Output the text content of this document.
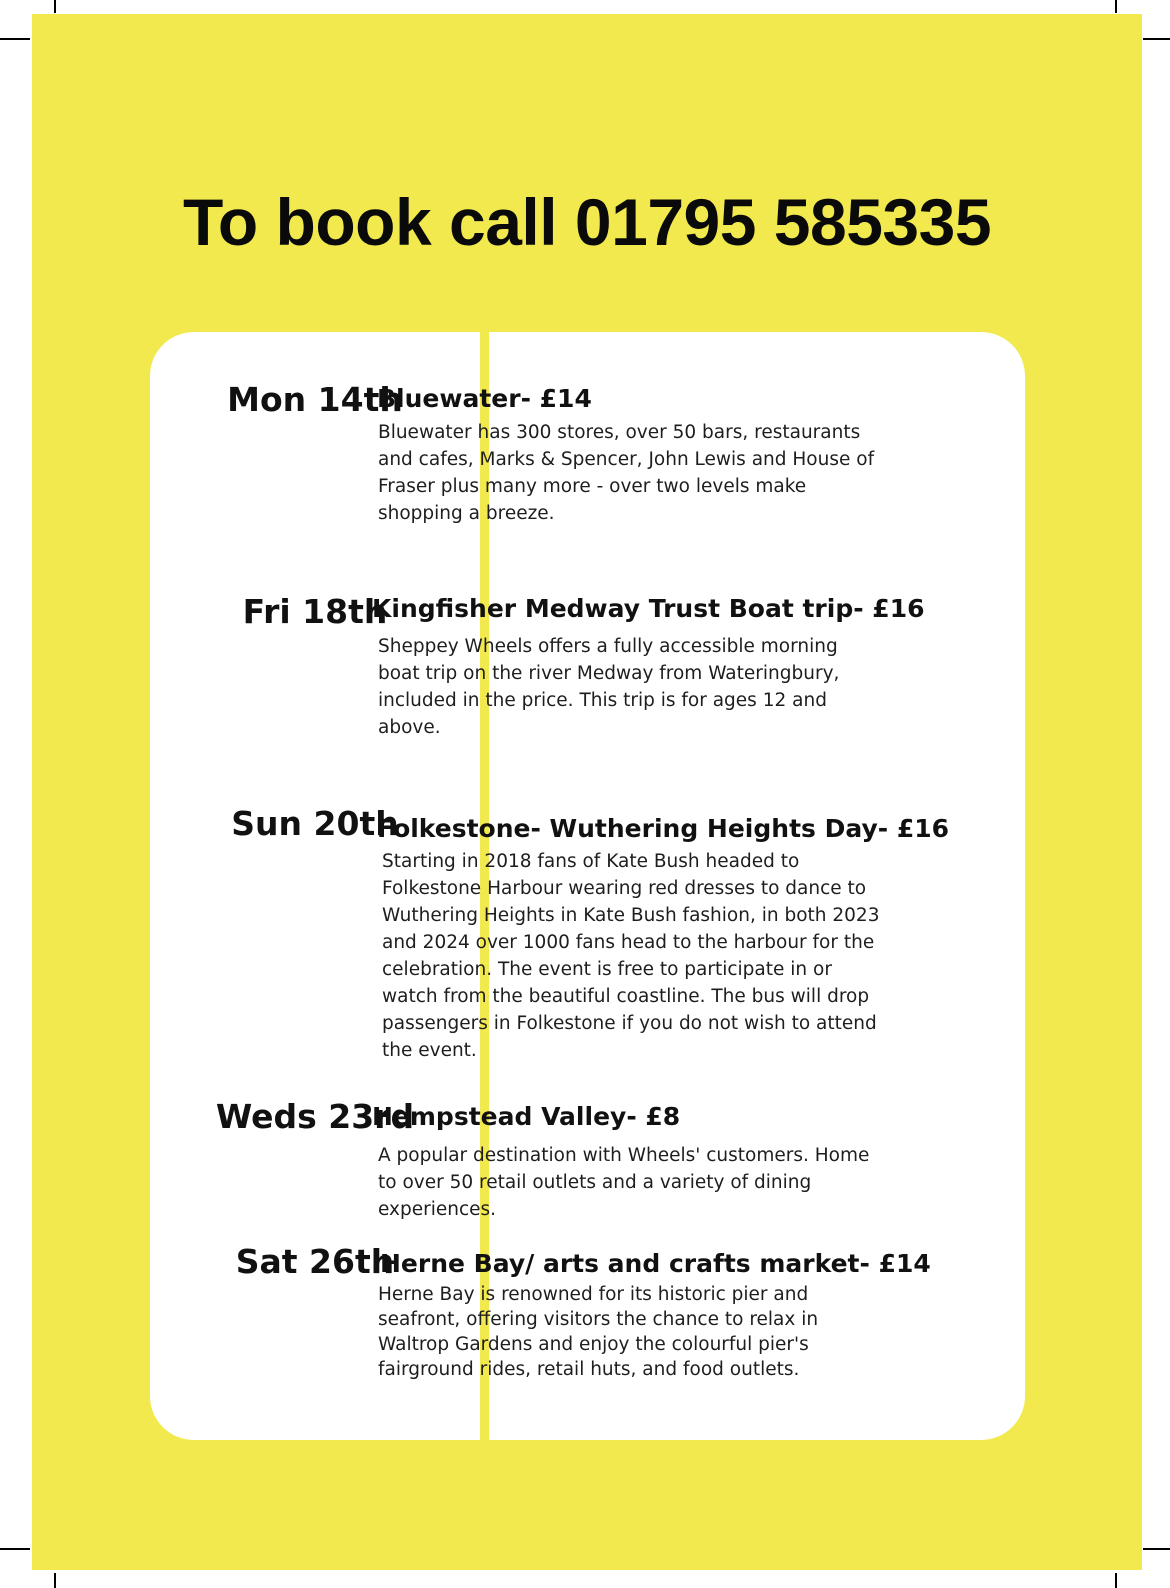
To book call 01795 585335
Mon 14th
Bluewater- £14

Bluewater has 300 stores, over 50 bars, restaurants and cafes, Marks & Spencer, John Lewis and House of Fraser plus many more - over two levels make shopping a breeze.

Fri 18th
Kingfisher Medway Trust Boat trip- £16

Sheppey Wheels offers a fully accessible morning boat trip on the river Medway from Wateringbury, included in the price. This trip is for ages 12 and above.

Sun 20th
Folkestone- Wuthering Heights Day- £16

Starting in 2018 fans of Kate Bush headed to Folkestone Harbour wearing red dresses to dance to Wuthering Heights in Kate Bush fashion, in both 2023 and 2024 over 1000 fans head to the harbour for the celebration. The event is free to participate in or watch from the beautiful coastline. The bus will drop passengers in Folkestone if you do not wish to attend the event.

Weds 23rd
Hempstead Valley- £8

A popular destination with Wheels' customers. Home to over 50 retail outlets and a variety of dining experiences.

Sat 26th
Herne Bay/ arts and crafts market- £14

Herne Bay is renowned for its historic pier and seafront, offering visitors the chance to relax in Waltrop Gardens and enjoy the colourful pier's fairground rides, retail huts, and food outlets.
